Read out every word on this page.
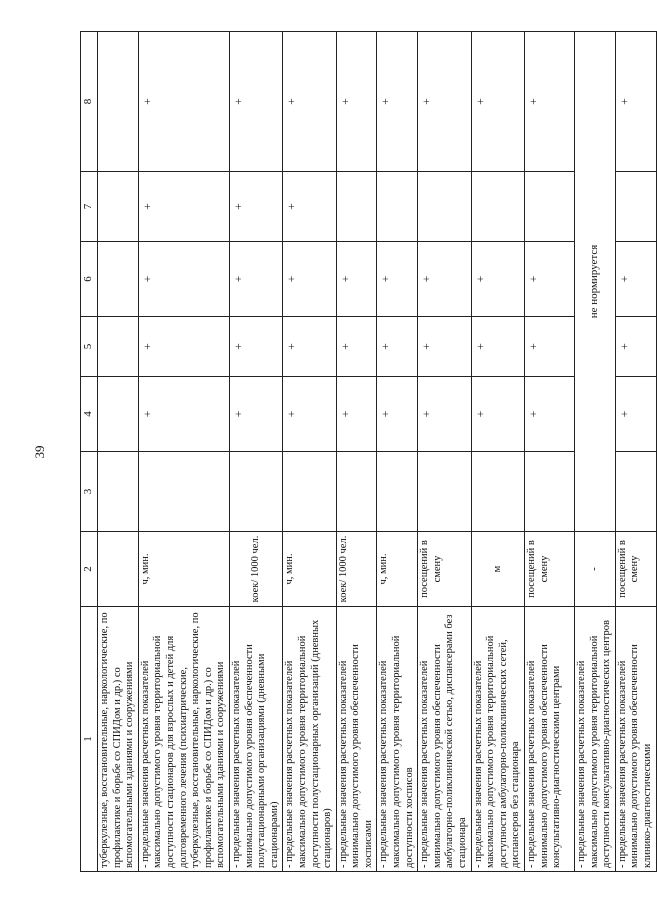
39
1	2	3	4	5	6	7	8
туберкулезные, восстановительные, наркологические, по профилактике и борьбе со СПИДом и др.) со вспомогательными зданиями и сооружениями							
- предельные значения расчетных показателей максимально допустимого уровня территориальной доступности стационаров для взрослых и детей для долговременного лечения (психиатрические, туберкулезные, восстановительные, наркологические, по профилактике и борьбе со СПИДом и др.) со вспомогательными зданиями и сооружениями	ч, мин.		+	+	+	+	+
- предельные значения расчетных показателей минимально допустимого уровня обеспеченности полустационарными организациями (дневными стационарами)	коек/ 1000 чел.		+	+	+	+	+
- предельные значения расчетных показателей максимально допустимого уровня территориальной доступности полустационарных организаций (дневных стационаров)	ч, мин.		+	+	+	+	+
- предельные значения расчетных показателей минимально допустимого уровня обеспеченности хосписами	коек/ 1000 чел.		+	+	+		+
- предельные значения расчетных показателей максимально допустимого уровня территориальной доступности хосписов	ч, мин.		+	+	+		+
- предельные значения расчетных показателей минимально допустимого уровня обеспеченности амбулаторно-поликлинической сетью, диспансерами без стационара	посещений в смену		+	+	+		+
- предельные значения расчетных показателей максимально допустимого уровня территориальной доступности амбулаторно-поликлинических сетей, диспансеров без стационара	м		+	+	+		+
- предельные значения расчетных показателей минимально допустимого уровня обеспеченности консультативно-диагностическими центрами	посещений в смену		+	+	+		+
- предельные значения расчетных показателей максимально допустимого уровня территориальной доступности консультативно-диагностических центров	-	не нормируется					
- предельные значения расчетных показателей минимально допустимого уровня обеспеченности клинико-диагностическими	посещений в смену		+	+	+		+
